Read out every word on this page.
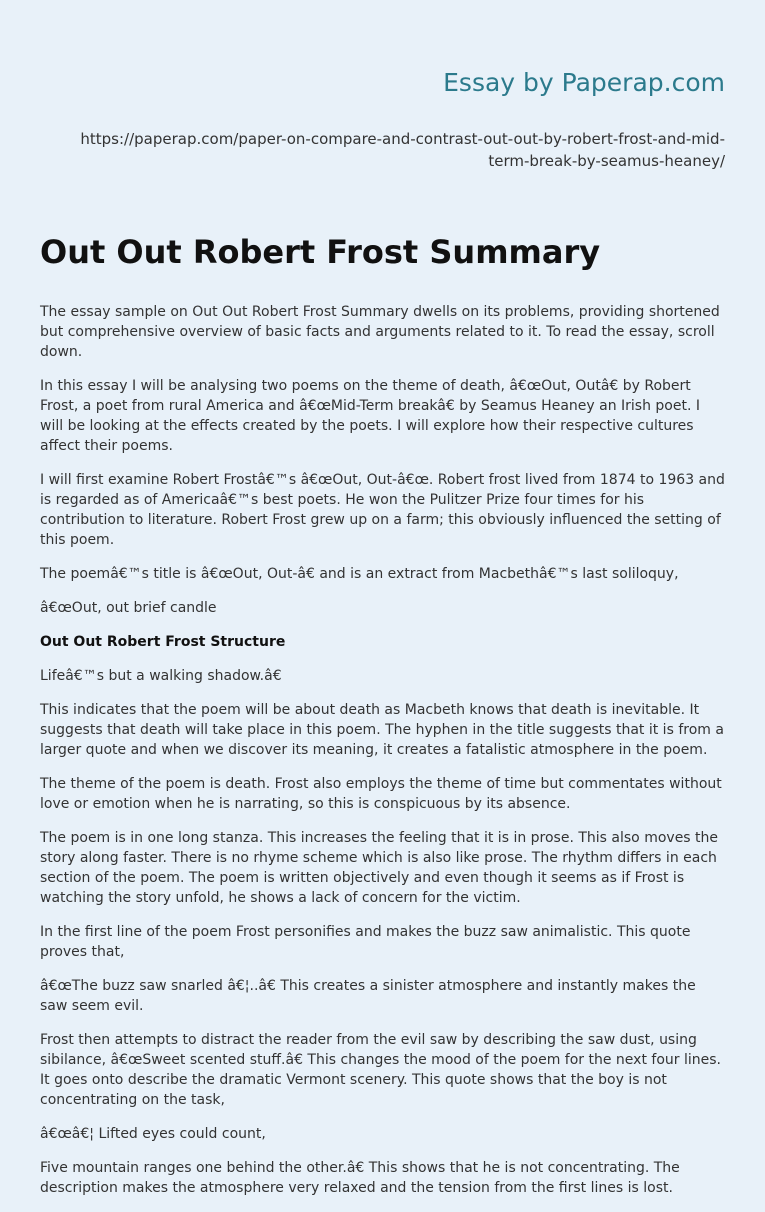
Essay by Paperap.com
https://paperap.com/paper-on-compare-and-contrast-out-out-by-robert-frost-and-mid-term-break-by-seamus-heaney/
Out Out Robert Frost Summary

The essay sample on Out Out Robert Frost Summary dwells on its problems, providing shortened but comprehensive overview of basic facts and arguments related to it. To read the essay, scroll down.

In this essay I will be analysing two poems on the theme of death, â€œOut, Outâ€ by Robert Frost, a poet from rural America and â€œMid-Term breakâ€ by Seamus Heaney an Irish poet. I will be looking at the effects created by the poets. I will explore how their respective cultures affect their poems.

I will first examine Robert Frostâ€™s â€œOut, Out-â€œ. Robert frost lived from 1874 to 1963 and is regarded as of Americaâ€™s best poets. He won the Pulitzer Prize four times for his contribution to literature. Robert Frost grew up on a farm; this obviously influenced the setting of this poem.

The poemâ€™s title is â€œOut, Out-â€ and is an extract from Macbethâ€™s last soliloquy,

â€œOut, out brief candle

Out Out Robert Frost Structure

Lifeâ€™s but a walking shadow.â€

This indicates that the poem will be about death as Macbeth knows that death is inevitable. It suggests that death will take place in this poem. The hyphen in the title suggests that it is from a larger quote and when we discover its meaning, it creates a fatalistic atmosphere in the poem.

The theme of the poem is death. Frost also employs the theme of time but commentates without love or emotion when he is narrating, so this is conspicuous by its absence.

The poem is in one long stanza. This increases the feeling that it is in prose. This also moves the story along faster. There is no rhyme scheme which is also like prose. The rhythm differs in each section of the poem. The poem is written objectively and even though it seems as if Frost is watching the story unfold, he shows a lack of concern for the victim.

In the first line of the poem Frost personifies and makes the buzz saw animalistic. This quote proves that,

â€œThe buzz saw snarled â€¦..â€ This creates a sinister atmosphere and instantly makes the saw seem evil.

Frost then attempts to distract the reader from the evil saw by describing the saw dust, using sibilance, â€œSweet scented stuff.â€ This changes the mood of the poem for the next four lines. It goes onto describe the dramatic Vermont scenery. This quote shows that the boy is not concentrating on the task,

â€œâ€¦ Lifted eyes could count,

Five mountain ranges one behind the other.â€ This shows that he is not concentrating. The description makes the atmosphere very relaxed and the tension from the first lines is lost.
